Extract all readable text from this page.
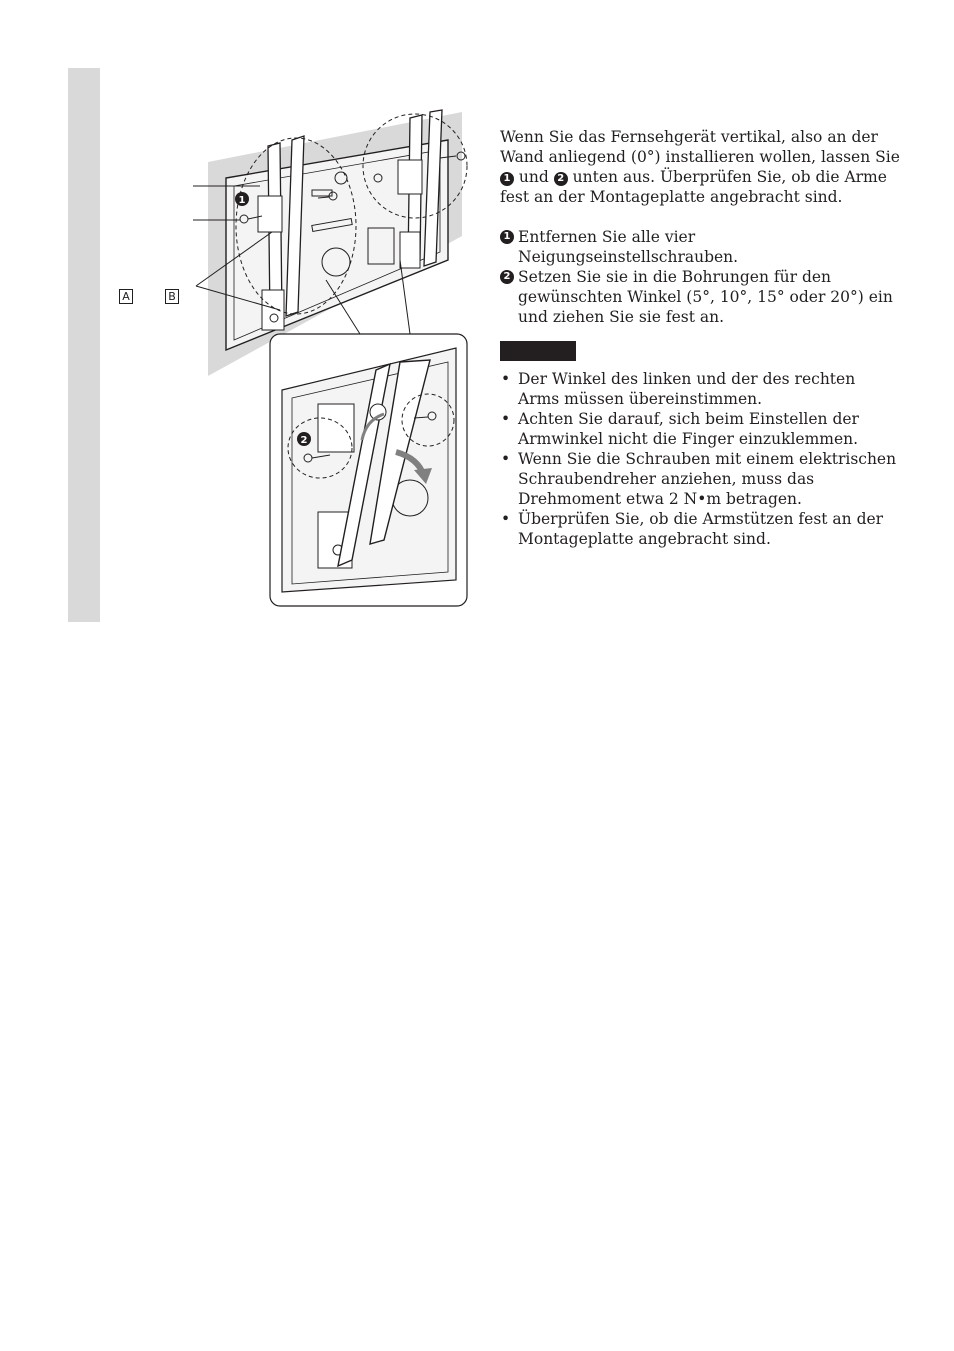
1
2
A	B

Wenn Sie das Fernsehgerät vertikal, also an der Wand anliegend (0°) installieren wollen, lassen Sie 1 und 2 unten aus. Überprüfen Sie, ob die Arme fest an der Montageplatte angebracht sind.

1 Entfernen Sie alle vier Neigungseinstellschrauben.

2 Setzen Sie sie in die Bohrungen für den gewünschten Winkel (5°, 10°, 15° oder 20°) ein und ziehen Sie sie fest an.

• Der Winkel des linken und der des rechten Arms müssen übereinstimmen.
• Achten Sie darauf, sich beim Einstellen der Armwinkel nicht die Finger einzuklemmen.
• Wenn Sie die Schrauben mit einem elektrischen Schraubendreher anziehen, muss das Drehmoment etwa 2 N•m betragen.
• Überprüfen Sie, ob die Armstützen fest an der Montageplatte angebracht sind.
